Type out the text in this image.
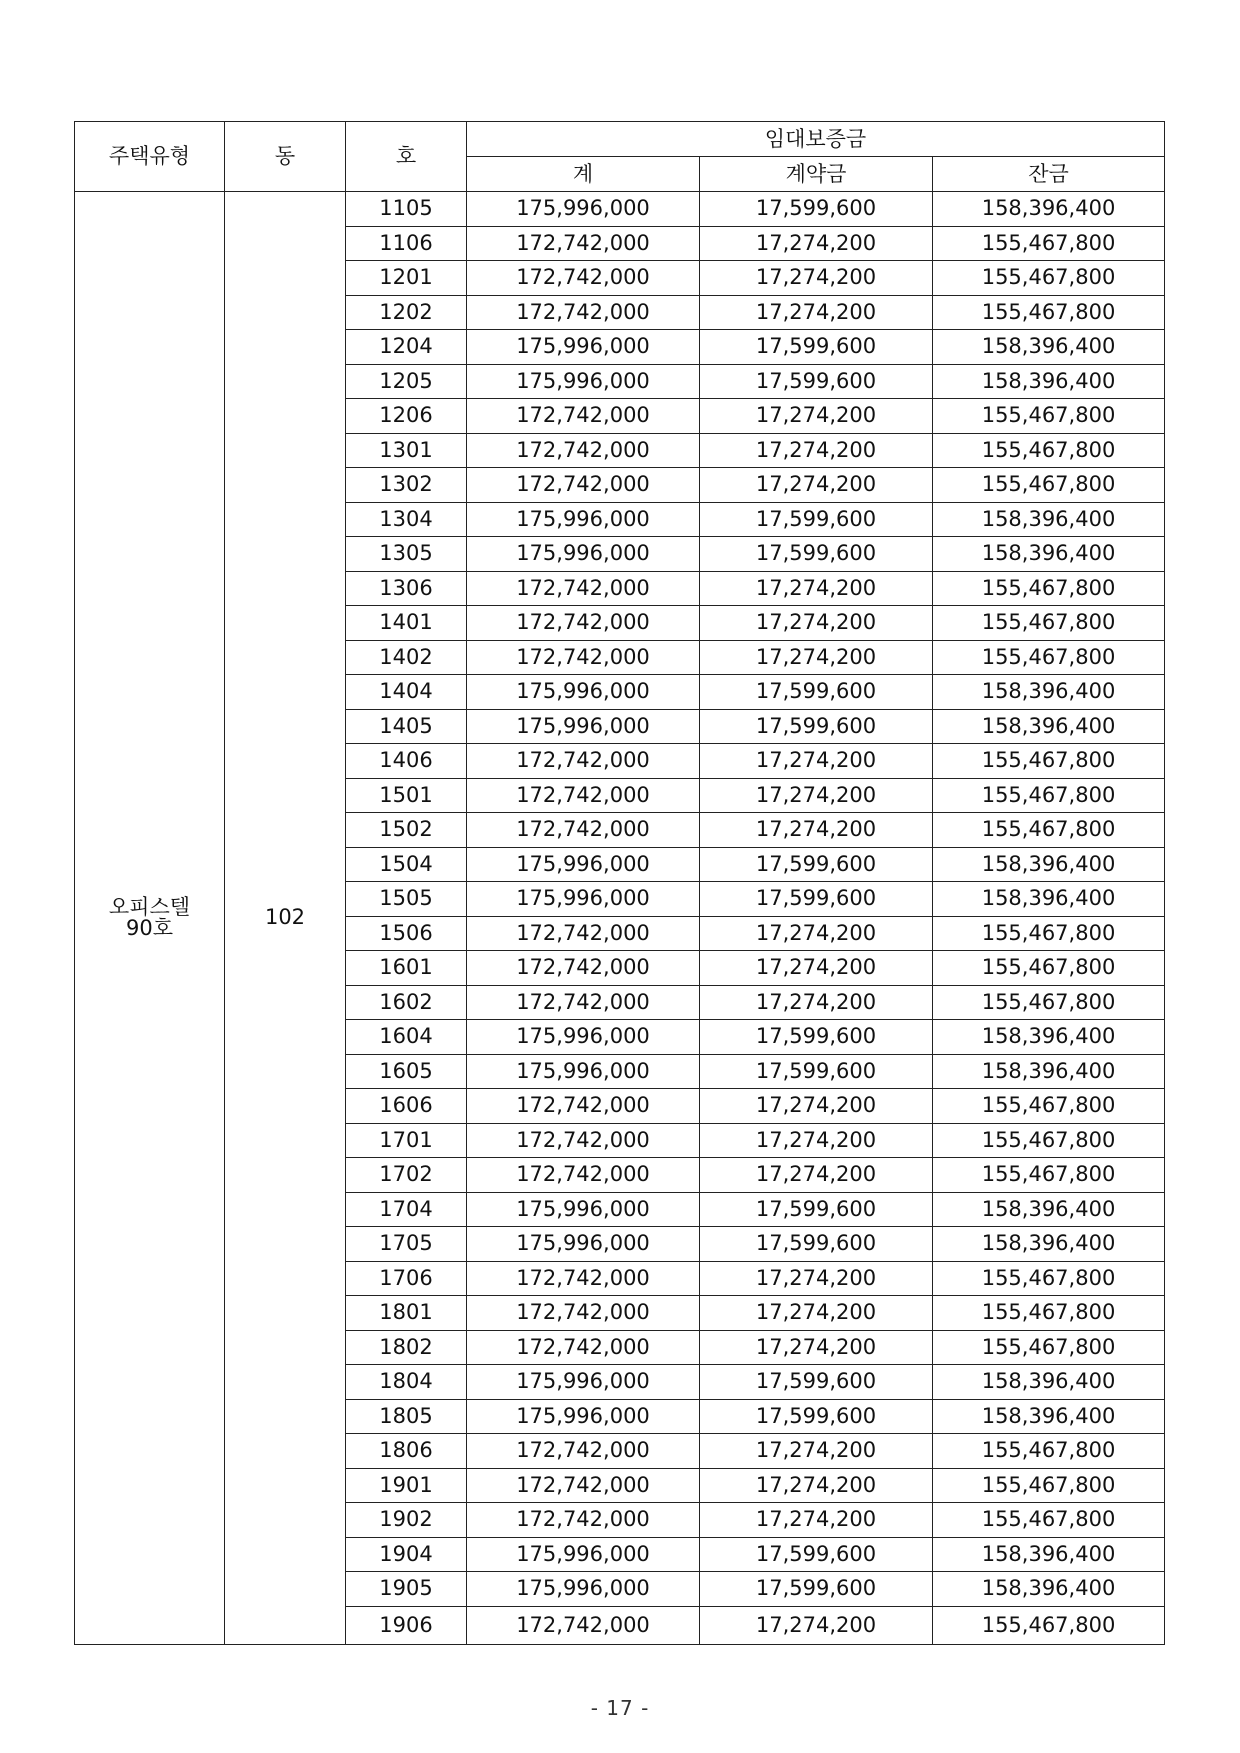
주택유형	동	호	임대보증금		
			계	계약금	잔금

오피스텔
90호	102	1105	175,996,000	17,599,600	158,396,400
		1106	172,742,000	17,274,200	155,467,800
		1201	172,742,000	17,274,200	155,467,800
		1202	172,742,000	17,274,200	155,467,800
		1204	175,996,000	17,599,600	158,396,400
		1205	175,996,000	17,599,600	158,396,400
		1206	172,742,000	17,274,200	155,467,800
		1301	172,742,000	17,274,200	155,467,800
		1302	172,742,000	17,274,200	155,467,800
		1304	175,996,000	17,599,600	158,396,400
		1305	175,996,000	17,599,600	158,396,400
		1306	172,742,000	17,274,200	155,467,800
		1401	172,742,000	17,274,200	155,467,800
		1402	172,742,000	17,274,200	155,467,800
		1404	175,996,000	17,599,600	158,396,400
		1405	175,996,000	17,599,600	158,396,400
		1406	172,742,000	17,274,200	155,467,800
		1501	172,742,000	17,274,200	155,467,800
		1502	172,742,000	17,274,200	155,467,800
		1504	175,996,000	17,599,600	158,396,400
		1505	175,996,000	17,599,600	158,396,400
		1506	172,742,000	17,274,200	155,467,800
		1601	172,742,000	17,274,200	155,467,800
		1602	172,742,000	17,274,200	155,467,800
		1604	175,996,000	17,599,600	158,396,400
		1605	175,996,000	17,599,600	158,396,400
		1606	172,742,000	17,274,200	155,467,800
		1701	172,742,000	17,274,200	155,467,800
		1702	172,742,000	17,274,200	155,467,800
		1704	175,996,000	17,599,600	158,396,400
		1705	175,996,000	17,599,600	158,396,400
		1706	172,742,000	17,274,200	155,467,800
		1801	172,742,000	17,274,200	155,467,800
		1802	172,742,000	17,274,200	155,467,800
		1804	175,996,000	17,599,600	158,396,400
		1805	175,996,000	17,599,600	158,396,400
		1806	172,742,000	17,274,200	155,467,800
		1901	172,742,000	17,274,200	155,467,800
		1902	172,742,000	17,274,200	155,467,800
		1904	175,996,000	17,599,600	158,396,400
		1905	175,996,000	17,599,600	158,396,400
		1906	172,742,000	17,274,200	155,467,800
- 17 -
